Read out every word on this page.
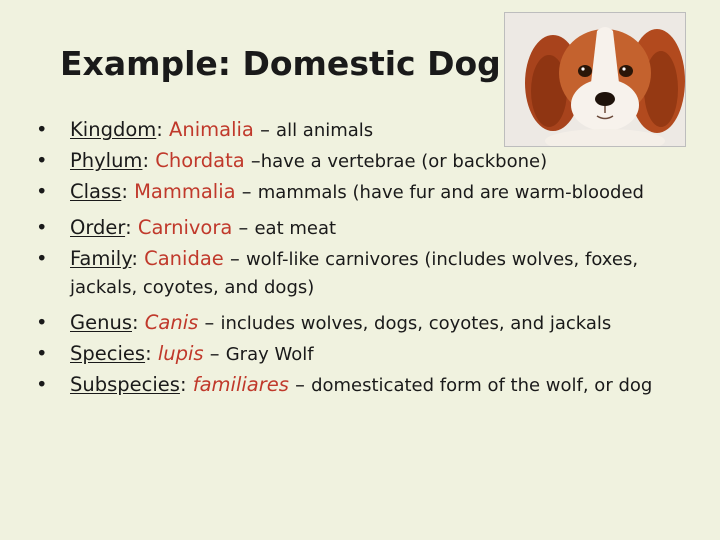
Example: Domestic Dog
• Kingdom: Animalia – all animals
• Phylum: Chordata –have a vertebrae (or backbone)
• Class: Mammalia – mammals (have fur and are warm-blooded
• Order: Carnivora – eat meat
• Family: Canidae – wolf-like carnivores (includes wolves, foxes, jackals, coyotes, and dogs)
• Genus: Canis – includes wolves, dogs, coyotes, and jackals
• Species: lupis – Gray Wolf
• Subspecies: familiares – domesticated form of the wolf, or dog
